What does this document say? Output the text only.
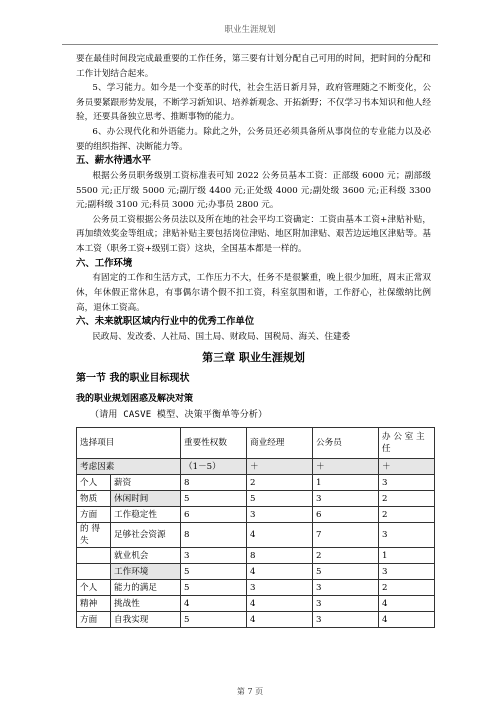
职业生涯规划

要在最佳时间段完成最重要的工作任务，第三要有计划分配自己可用的时间，把时间的分配和工作计划结合起来。

5、学习能力。如今是一个变革的时代，社会生活日新月异，政府管理随之不断变化，公务员要紧跟形势发展，不断学习新知识、培养新观念、开拓新野；不仅学习书本知识和他人经验，还要具备独立思考、推断事物的能力。

6、办公现代化和外语能力。除此之外，公务员还必须具备所从事岗位的专业能力以及必要的组织指挥、决断能力等。

五、薪水待遇水平

根据公务员职务级别工资标准表可知 2022 公务员基本工资：正部级 6000 元；副部级 5500 元;正厅级 5000 元;副厅级 4400 元;正处级 4000 元;副处级 3600 元;正科级 3300 元;副科级 3100 元;科员 3000 元;办事员 2800 元。

公务员工资根据公务员法以及所在地的社会平均工资确定：工资由基本工资+津贴补贴，再加绩效奖金等组成；津贴补贴主要包括岗位津贴、地区附加津贴、艰苦边远地区津贴等。基本工资（职务工资+级别工资）这块，全国基本都是一样的。

六、工作环境

有固定的工作和生活方式，工作压力不大，任务不是很繁重，晚上很少加班，周末正常双休，年休假正常休息，有事偶尔请个假不扣工资，科室氛围和谐，工作舒心，社保缴纳比例高，退休工资高。

六、未来就职区域内行业中的优秀工作单位

民政局、发改委、人社局、国土局、财政局、国税局、海关、住建委

第三章 职业生涯规划
第一节 我的职业目标现状
我的职业规划困惑及解决对策
（请用 CASVE 模型、决策平衡单等分析）
选择项目		重要性权数	商业经理	公务员	办 公 室 主任
考虑因素		（1－5）	＋	＋	＋
个人	薪资	8	2	1	3
物质	休闲时间	5	5	3	2
方面	工作稳定性	6	3	6	2
的 得 失	足够社会资源	8	4	7	3
	就业机会	3	8	2	1
	工作环境	5	4	5	3
个人	能力的满足	5	3	3	2
精神	挑战性	4	4	3	4
方面	自我实现	5	4	3	4
第 7 页
